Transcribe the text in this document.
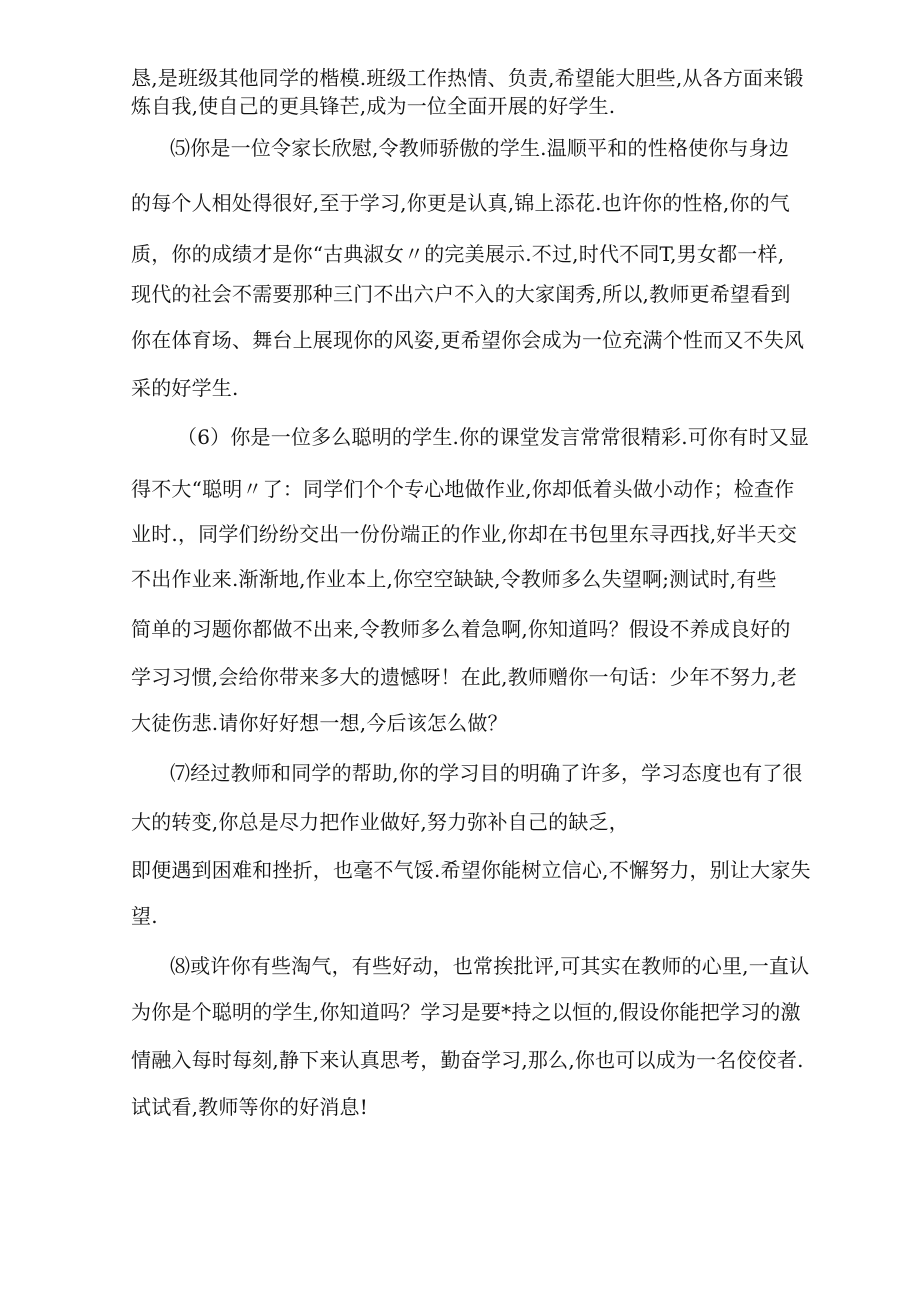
恳,是班级其他同学的楷模.班级工作热情、负责,希望能大胆些,从各方面来锻
炼自我,使自己的更具锋芒,成为一位全面开展的好学生.
⑸你是一位令家长欣慰,令教师骄傲的学生.温顺平和的性格使你与身边
的每个人相处得很好,至于学习,你更是认真,锦上添花.也许你的性格,你的气
质，你的成绩才是你“古典淑女〃的完美展示.不过,时代不同T,男女都一样,
现代的社会不需要那种三门不出六户不入的大家闺秀,所以,教师更希望看到
你在体育场、舞台上展现你的风姿,更希望你会成为一位充满个性而又不失风
采的好学生.
（6）你是一位多么聪明的学生.你的课堂发言常常很精彩.可你有时又显
得不大“聪明〃了：同学们个个专心地做作业,你却低着头做小动作；检查作
业时.，同学们纷纷交出一份份端正的作业,你却在书包里东寻西找,好半天交
不出作业来.渐渐地,作业本上,你空空缺缺,令教师多么失望啊;测试时,有些
简单的习题你都做不出来,令教师多么着急啊,你知道吗？假设不养成良好的
学习习惯,会给你带来多大的遗憾呀！在此,教师赠你一句话：少年不努力,老
大徒伤悲.请你好好想一想,今后该怎么做？
⑺经过教师和同学的帮助,你的学习目的明确了许多，学习态度也有了很
大的转变,你总是尽力把作业做好,努力弥补自己的缺乏，
即便遇到困难和挫折，也毫不气馁.希望你能树立信心,不懈努力，别让大家失
望.
⑻或许你有些淘气，有些好动，也常挨批评,可其实在教师的心里,一直认
为你是个聪明的学生,你知道吗？学习是要*持之以恒的,假设你能把学习的激
情融入每时每刻,静下来认真思考，勤奋学习,那么,你也可以成为一名佼佼者.
试试看,教师等你的好消息!
